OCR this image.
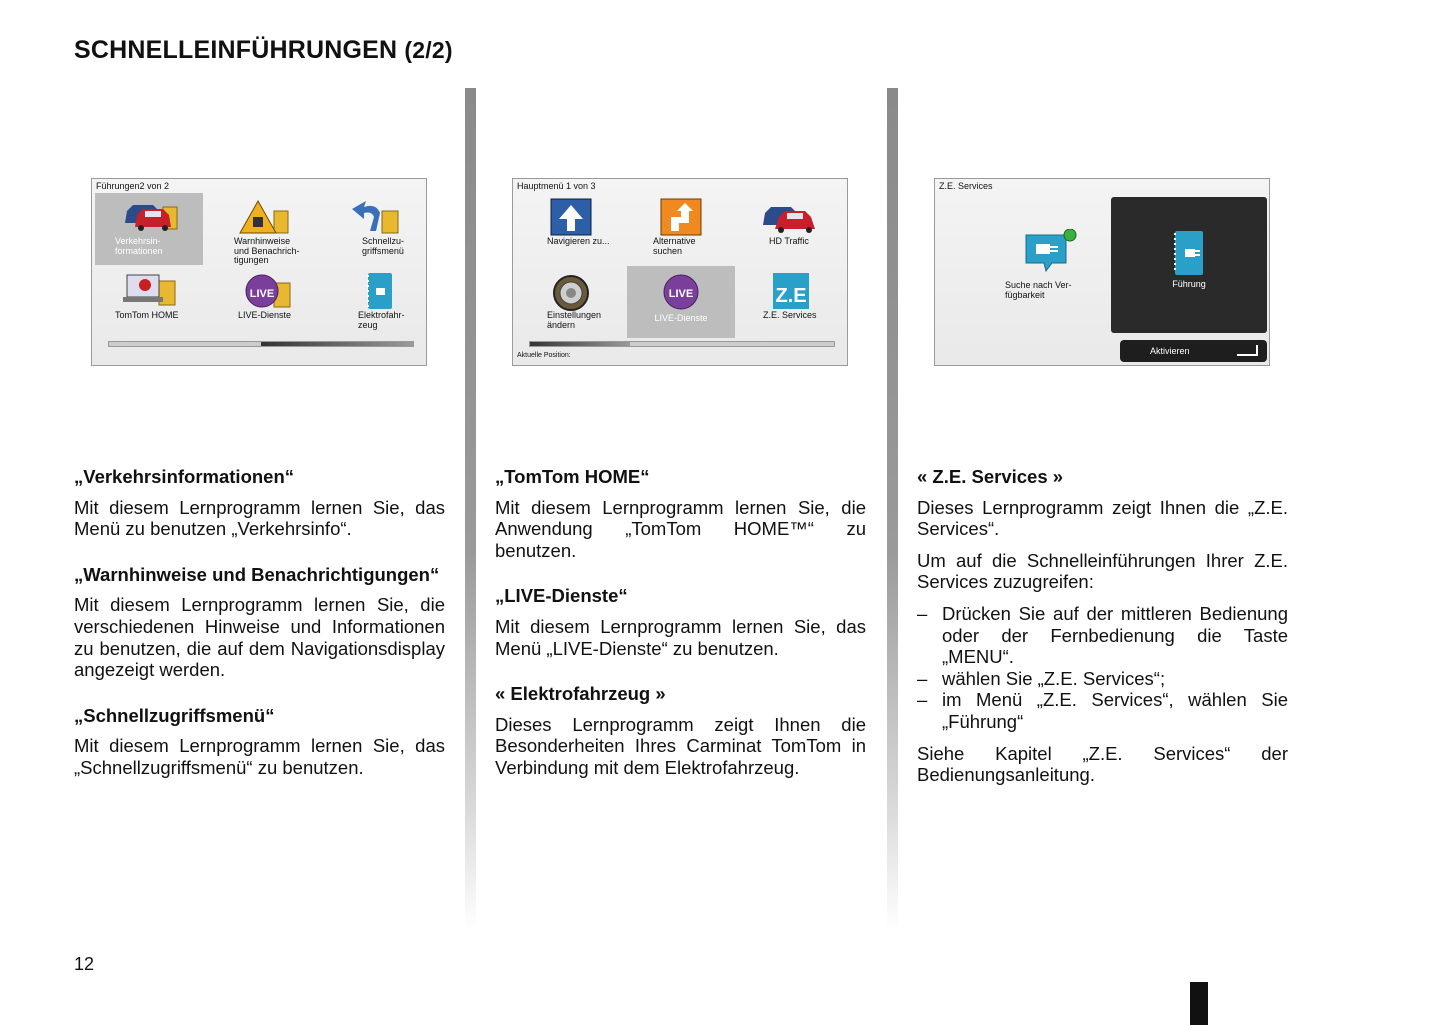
SCHNELLEINFÜHRUNGEN (2/2)
Führungen2 von 2
Verkehrsin-
formationen
Warnhinweise
und Benachrich-
tigungen
Schnellzu-
griffsmenü
TomTom HOME
LIVE
LIVE-Dienste	Elektrofahr-
zeug
Hauptmenü 1 von 3
Navigieren zu...	Alternative
suchen
HD Traffic
Einstellungen
ändern
LIVE
LIVE-Dienste
Z.E
Z.E. Services
Aktuelle Position:
Z.E. Services
Suche nach Ver-
fügbarkeit
Führung
Aktivieren
„Verkehrsinformationen“

Mit diesem Lernprogramm lernen Sie, das Menü zu benutzen „Verkehrsinfo“.

„Warnhinweise und Benachrichtigungen“

Mit diesem Lernprogramm lernen Sie, die verschiedenen Hinweise und Informationen zu benutzen, die auf dem Navigationsdisplay angezeigt werden.

„Schnellzugriffsmenü“

Mit diesem Lernprogramm lernen Sie, das „Schnellzugriffsmenü“ zu benutzen.

„TomTom HOME“

Mit diesem Lernprogramm lernen Sie, die Anwendung „TomTom HOME™“ zu benutzen.

„LIVE-Dienste“

Mit diesem Lernprogramm lernen Sie, das Menü „LIVE-Dienste“ zu benutzen.

« Elektrofahrzeug »

Dieses Lernprogramm zeigt Ihnen die Besonderheiten Ihres Carminat TomTom in Verbindung mit dem Elektrofahrzeug.

« Z.E. Services »

Dieses Lernprogramm zeigt Ihnen die „Z.E. Services“.

Um auf die Schnelleinführungen Ihrer Z.E. Services zuzugreifen:

– Drücken Sie auf der mittleren Bedienung oder der Fernbedienung die Taste „MENU“.
– wählen Sie „Z.E. Services“;
– im Menü „Z.E. Services“, wählen Sie „Führung“

Siehe Kapitel „Z.E. Services“ der Bedienungsanleitung.

12
